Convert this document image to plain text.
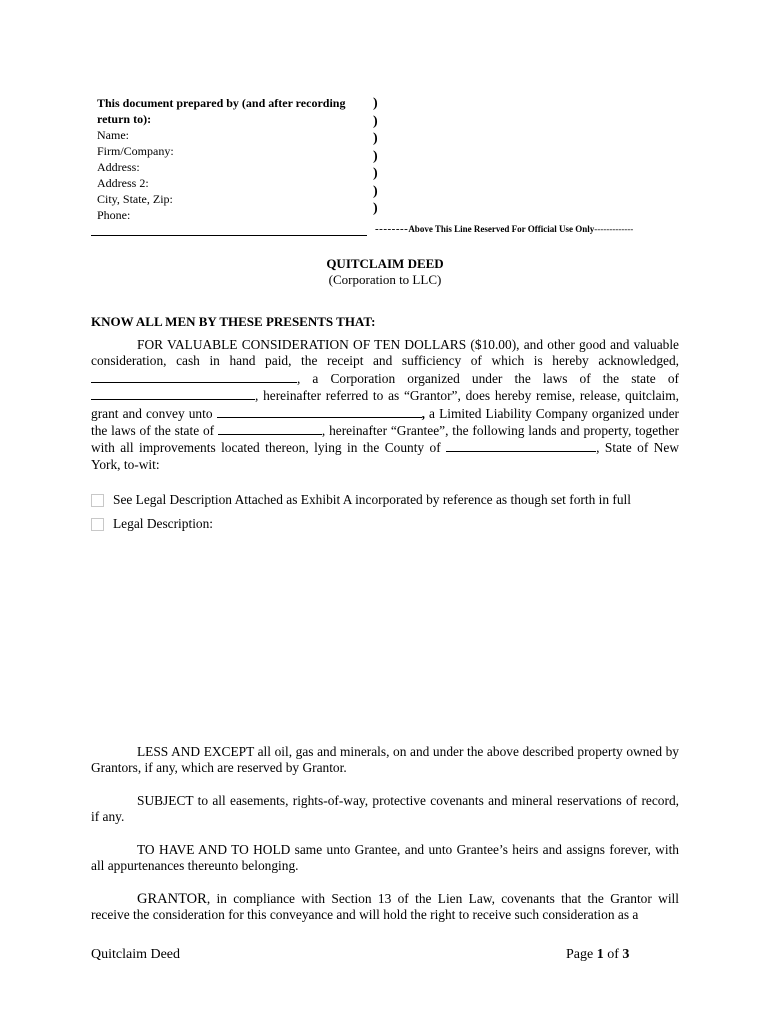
This document prepared by (and after recording
return to):
Name:
Firm/Company:
Address:
Address 2:
City, State, Zip:
Phone:
)
)
)
)
)
)
)
--------Above This Line Reserved For Official Use Only-------------
QUITCLAIM DEED
(Corporation to LLC)
KNOW ALL MEN BY THESE PRESENTS THAT:

FOR VALUABLE CONSIDERATION OF TEN DOLLARS ($10.00), and other good and valuable consideration, cash in hand paid, the receipt and sufficiency of which is hereby acknowledged, , a Corporation organized under the laws of the state of , hereinafter referred to as “Grantor”, does hereby remise, release, quitclaim, grant and convey unto	, a Limited Liability Company organized under the laws of the state of	, hereinafter “Grantee”, the following lands and property, together with all improvements located thereon, lying in the County of	, State of New York, to-wit:

See Legal Description Attached as Exhibit A incorporated by reference as though set forth in full
Legal Description:

LESS AND EXCEPT all oil, gas and minerals, on and under the above described property owned by Grantors, if any, which are reserved by Grantor.

SUBJECT to all easements, rights-of-way, protective covenants and mineral reservations of record, if any.

TO HAVE AND TO HOLD same unto Grantee, and unto Grantee’s heirs and assigns forever, with all appurtenances thereunto belonging.

GRANTOR, in compliance with Section 13 of the Lien Law, covenants that the Grantor will receive the consideration for this conveyance and will hold the right to receive such consideration as a

Quitclaim Deed	Page 1 of 3
